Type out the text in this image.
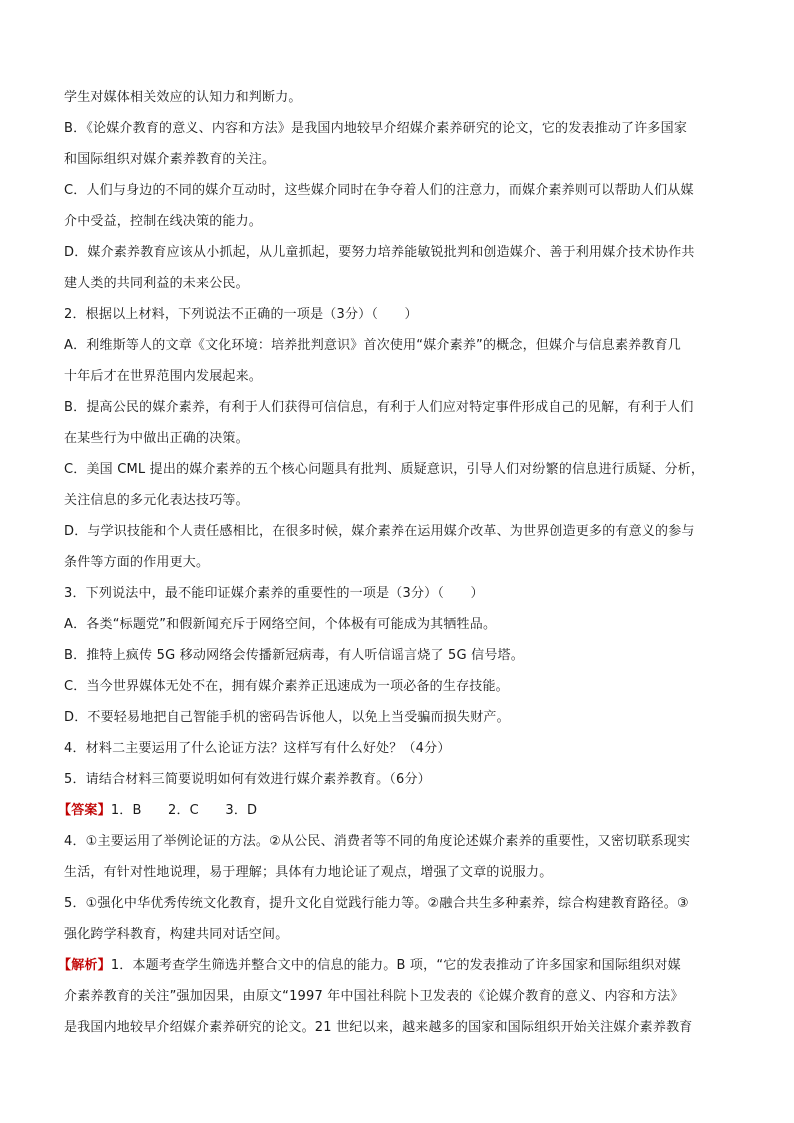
学生对媒体相关效应的认知力和判断力。
B．《论媒介教育的意义、内容和方法》是我国内地较早介绍媒介素养研究的论文，它的发表推动了许多国家
和国际组织对媒介素养教育的关注。
C．人们与身边的不同的媒介互动时，这些媒介同时在争夺着人们的注意力，而媒介素养则可以帮助人们从媒
介中受益，控制在线决策的能力。
D．媒介素养教育应该从小抓起，从儿童抓起，要努力培养能敏锐批判和创造媒介、善于利用媒介技术协作共
建人类的共同利益的未来公民。
2．根据以上材料，下列说法不正确的一项是（3分）（　　）
A．利维斯等人的文章《文化环境：培养批判意识》首次使用“媒介素养”的概念，但媒介与信息素养教育几
十年后才在世界范围内发展起来。
B．提高公民的媒介素养，有利于人们获得可信信息，有利于人们应对特定事件形成自己的见解，有利于人们
在某些行为中做出正确的决策。
C．美国 CML 提出的媒介素养的五个核心问题具有批判、质疑意识，引导人们对纷繁的信息进行质疑、分析，
关注信息的多元化表达技巧等。
D．与学识技能和个人责任感相比，在很多时候，媒介素养在运用媒介改革、为世界创造更多的有意义的参与
条件等方面的作用更大。
3．下列说法中，最不能印证媒介素养的重要性的一项是（3分）（　　）
A．各类“标题党”和假新闻充斥于网络空间，个体极有可能成为其牺牲品。
B．推特上疯传 5G 移动网络会传播新冠病毒，有人听信谣言烧了 5G 信号塔。
C．当今世界媒体无处不在，拥有媒介素养正迅速成为一项必备的生存技能。
D．不要轻易地把自己智能手机的密码告诉他人，以免上当受骗而损失财产。
4．材料二主要运用了什么论证方法？这样写有什么好处？（4分）
5．请结合材料三简要说明如何有效进行媒介素养教育。（6分）
【答案】1．B　　2．C　　3．D
4．①主要运用了举例论证的方法。②从公民、消费者等不同的角度论述媒介素养的重要性，又密切联系现实
生活，有针对性地说理，易于理解；具体有力地论证了观点，增强了文章的说服力。
5．①强化中华优秀传统文化教育，提升文化自觉践行能力等。②融合共生多种素养，综合构建教育路径。③
强化跨学科教育，构建共同对话空间。
【解析】1．本题考查学生筛选并整合文中的信息的能力。B 项，“它的发表推动了许多国家和国际组织对媒
介素养教育的关注”强加因果，由原文“1997 年中国社科院卜卫发表的《论媒介教育的意义、内容和方法》
是我国内地较早介绍媒介素养研究的论文。21 世纪以来，越来越多的国家和国际组织开始关注媒介素养教育
